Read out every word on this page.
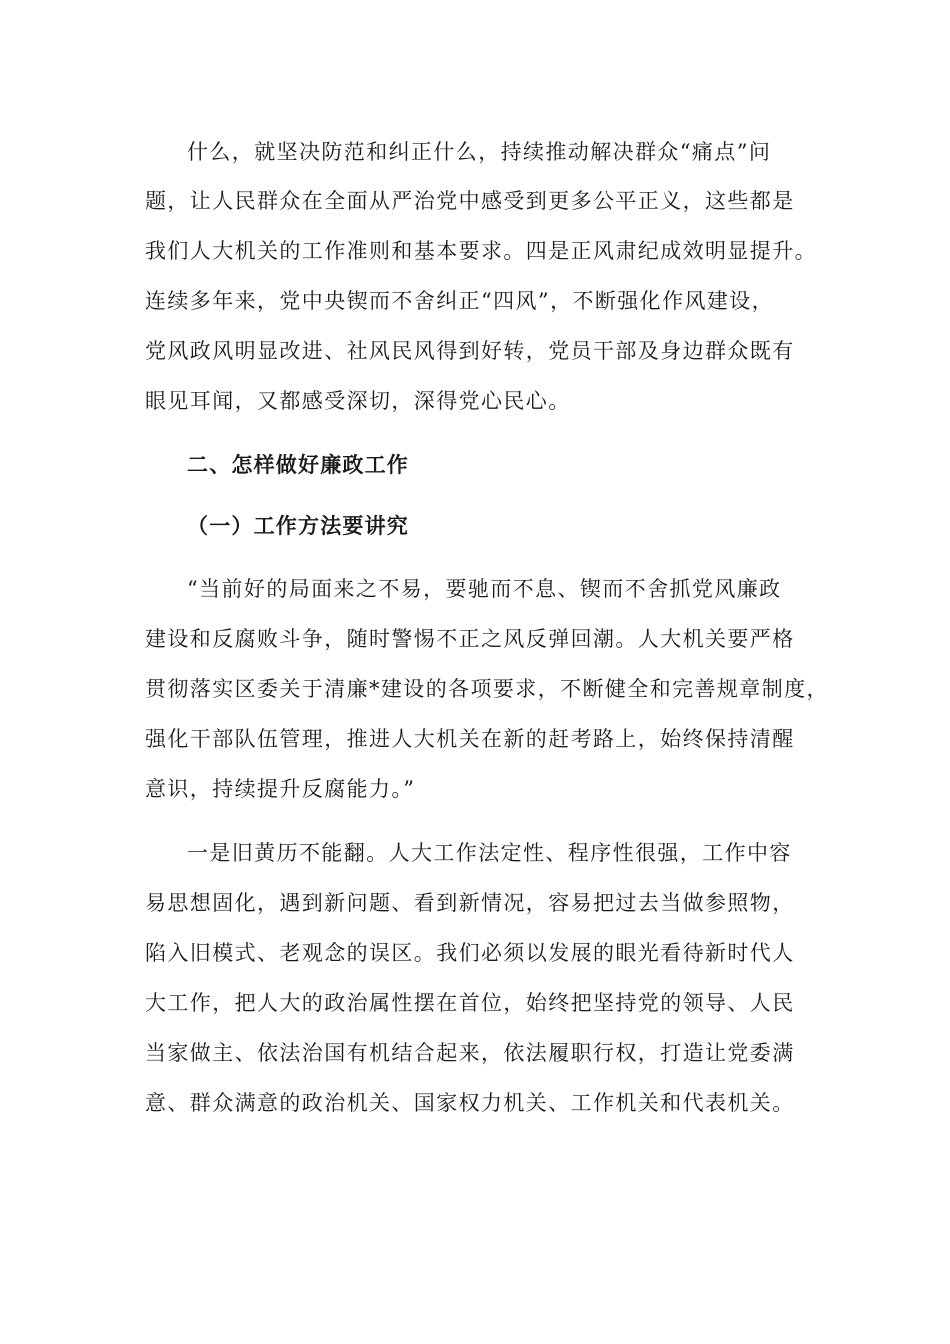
什么，就坚决防范和纠正什么，持续推动解决群众“痛点”问
题，让人民群众在全面从严治党中感受到更多公平正义，这些都是
我们人大机关的工作准则和基本要求。四是正风肃纪成效明显提升。
连续多年来，党中央锲而不舍纠正“四风”，不断强化作风建设，
党风政风明显改进、社风民风得到好转，党员干部及身边群众既有
眼见耳闻，又都感受深切，深得党心民心。
二、怎样做好廉政工作
（一）工作方法要讲究
“当前好的局面来之不易，要驰而不息、锲而不舍抓党风廉政
建设和反腐败斗争，随时警惕不正之风反弹回潮。人大机关要严格
贯彻落实区委关于清廉*建设的各项要求，不断健全和完善规章制度，
强化干部队伍管理，推进人大机关在新的赶考路上，始终保持清醒
意识，持续提升反腐能力。”
一是旧黄历不能翻。人大工作法定性、程序性很强，工作中容
易思想固化，遇到新问题、看到新情况，容易把过去当做参照物，
陷入旧模式、老观念的误区。我们必须以发展的眼光看待新时代人
大工作，把人大的政治属性摆在首位，始终把坚持党的领导、人民
当家做主、依法治国有机结合起来，依法履职行权，打造让党委满
意、群众满意的政治机关、国家权力机关、工作机关和代表机关。
